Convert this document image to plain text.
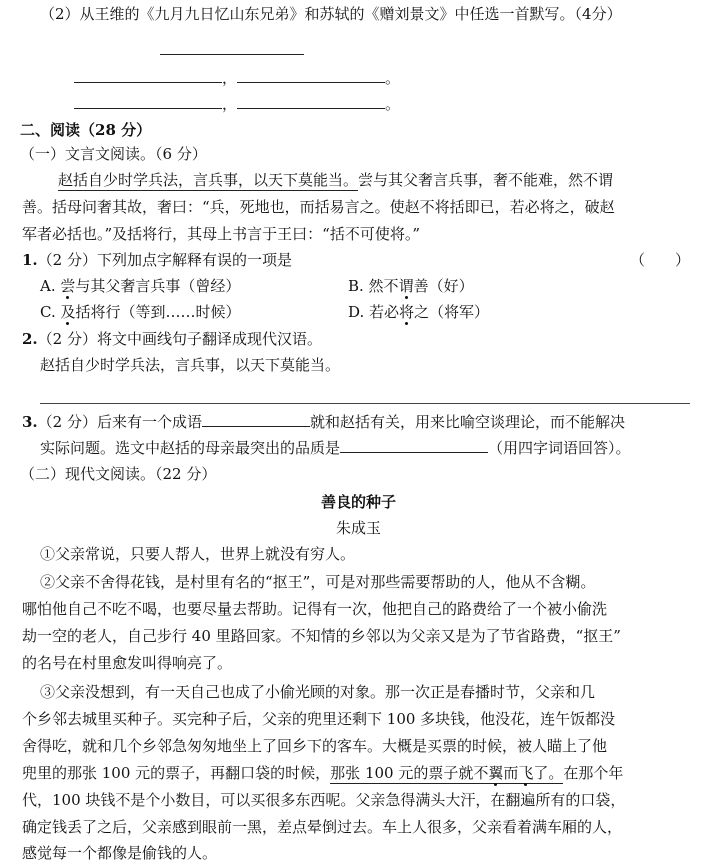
（2）从王维的《九月九日忆山东兄弟》和苏轼的《赠刘景文》中任选一首默写。（4分）
，	。
，	。
二、阅读（28 分）
（一）文言文阅读。（6 分）
赵括自少时学兵法，言兵事，以天下莫能当。尝与其父奢言兵事，奢不能难，然不谓
善。括母问奢其故，奢曰：“兵，死地也，而括易言之。使赵不将括即已，若必将之，破赵
军者必括也。”及括将行，其母上书言于王曰：“括不可使将。”
1.（2 分）下列加点字解释有误的一项是	（　　）
A. 尝与其父奢言兵事（曾经）	B. 然不谓善（好）
C. 及括将行（等到……时候）	D. 若必将之（将军）
2.（2 分）将文中画线句子翻译成现代汉语。
赵括自少时学兵法，言兵事，以天下莫能当。
3.（2 分）后来有一个成语	就和赵括有关，用来比喻空谈理论，而不能解决
实际问题。选文中赵括的母亲最突出的品质是	（用四字词语回答）。
（二）现代文阅读。（22 分）
善良的种子
朱成玉
①父亲常说，只要人帮人，世界上就没有穷人。
②父亲不舍得花钱，是村里有名的“抠王”，可是对那些需要帮助的人，他从不含糊。
哪怕他自己不吃不喝，也要尽量去帮助。记得有一次，他把自己的路费给了一个被小偷洗
劫一空的老人，自己步行 40 里路回家。不知情的乡邻以为父亲又是为了节省路费，“抠王”
的名号在村里愈发叫得响亮了。
③父亲没想到，有一天自己也成了小偷光顾的对象。那一次正是春播时节，父亲和几
个乡邻去城里买种子。买完种子后，父亲的兜里还剩下 100 多块钱，他没花，连午饭都没
舍得吃，就和几个乡邻急匆匆地坐上了回乡下的客车。大概是买票的时候，被人瞄上了他
兜里的那张 100 元的票子，再翻口袋的时候，那张 100 元的票子就不翼而飞了。在那个年
代，100 块钱不是个小数目，可以买很多东西呢。父亲急得满头大汗，在翻遍所有的口袋，
确定钱丢了之后，父亲感到眼前一黑，差点晕倒过去。车上人很多，父亲看着满车厢的人，
感觉每一个都像是偷钱的人。
